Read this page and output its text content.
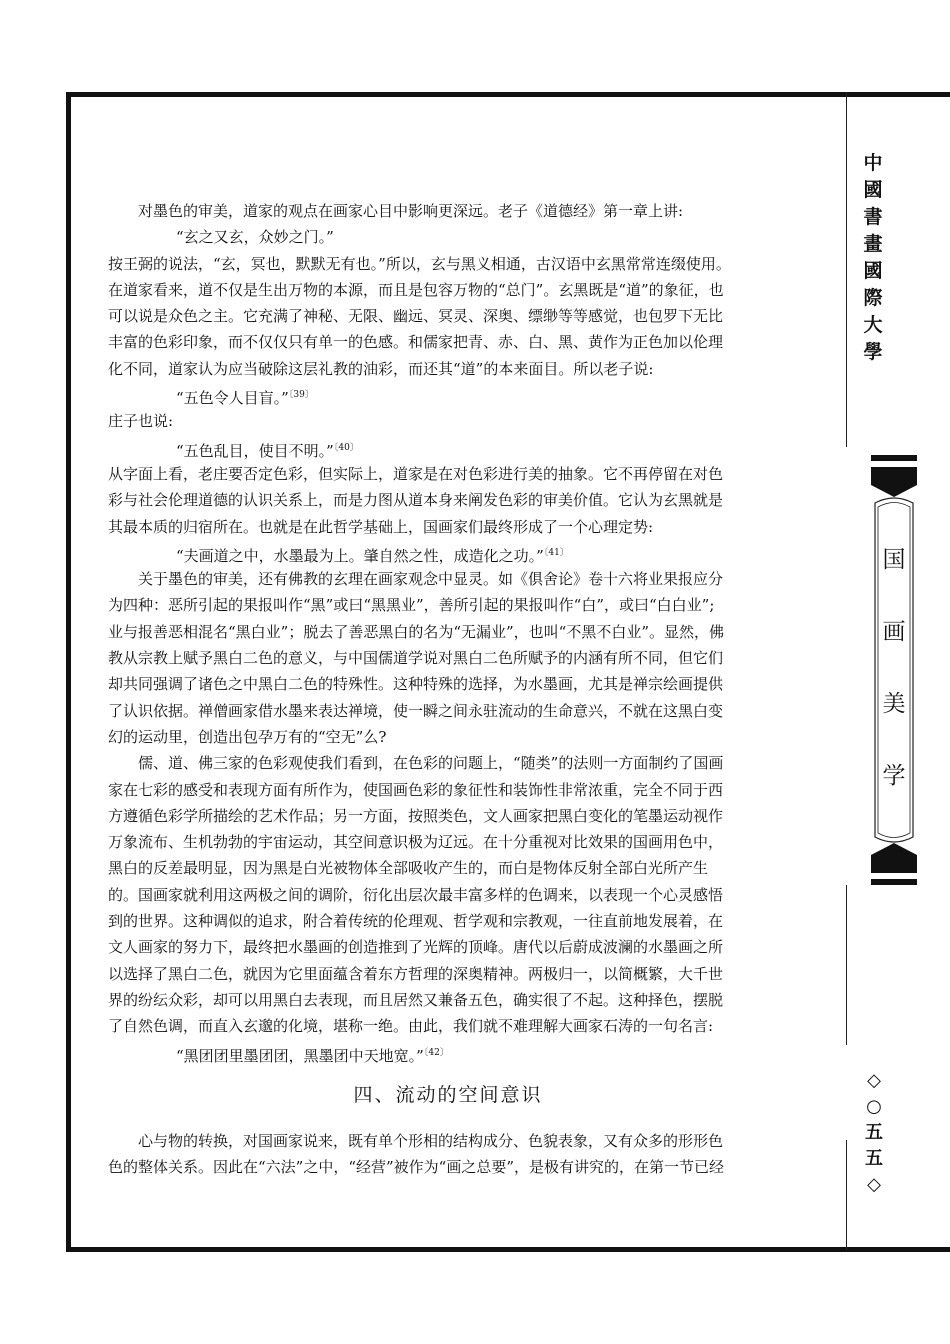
中
國
書
畫
國
際
大
學
国
画
美
学
◇
○
五
五
◇
对墨色的审美，道家的观点在画家心目中影响更深远。老子《道德经》第一章上讲:
“玄之又玄，众妙之门。”
按王弼的说法，“玄，冥也，默默无有也。”所以，玄与黑义相通，古汉语中玄黑常常连缀使用。
在道家看来，道不仅是生出万物的本源，而且是包容万物的“总门”。玄黑既是“道”的象征，也
可以说是众色之主。它充满了神秘、无限、幽远、冥灵、深奥、缥缈等等感觉，也包罗下无比
丰富的色彩印象，而不仅仅只有单一的色感。和儒家把青、赤、白、黑、黄作为正色加以伦理
化不同，道家认为应当破除这层礼教的油彩，而还其“道”的本来面目。所以老子说:
“五色令人目盲。”$^{〔39〕}$
庄子也说:
“五色乱目，使目不明。”$^{〔40〕}$
从字面上看，老庄要否定色彩，但实际上，道家是在对色彩进行美的抽象。它不再停留在对色
彩与社会伦理道德的认识关系上，而是力图从道本身来阐发色彩的审美价值。它认为玄黑就是
其最本质的归宿所在。也就是在此哲学基础上，国画家们最终形成了一个心理定势:
“夫画道之中，水墨最为上。肇自然之性，成造化之功。”$^{〔41〕}$
关于墨色的审美，还有佛教的玄理在画家观念中显灵。如《俱舍论》卷十六将业果报应分
为四种：恶所引起的果报叫作“黑”或曰“黑黑业”，善所引起的果报叫作“白”，或曰“白白业”;
业与报善恶相混名“黑白业”；脱去了善恶黑白的名为“无漏业”，也叫“不黑不白业”。显然，佛
教从宗教上赋予黑白二色的意义，与中国儒道学说对黑白二色所赋予的内涵有所不同，但它们
却共同强调了诸色之中黑白二色的特殊性。这种特殊的选择，为水墨画，尤其是禅宗绘画提供
了认识依据。禅僧画家借水墨来表达禅境，使一瞬之间永驻流动的生命意兴，不就在这黑白变
幻的运动里，创造出包孕万有的“空无”么?
儒、道、佛三家的色彩观使我们看到，在色彩的问题上，“随类”的法则一方面制约了国画
家在七彩的感受和表现方面有所作为，使国画色彩的象征性和装饰性非常浓重，完全不同于西
方遵循色彩学所描绘的艺术作品；另一方面，按照类色，文人画家把黑白变化的笔墨运动视作
万象流布、生机勃勃的宇宙运动，其空间意识极为辽远。在十分重视对比效果的国画用色中，
黑白的反差最明显，因为黑是白光被物体全部吸收产生的，而白是物体反射全部白光所产生
的。国画家就利用这两极之间的调阶，衍化出层次最丰富多样的色调来，以表现一个心灵感悟
到的世界。这种调似的追求，附合着传统的伦理观、哲学观和宗教观，一往直前地发展着，在
文人画家的努力下，最终把水墨画的创造推到了光辉的顶峰。唐代以后蔚成波澜的水墨画之所
以选择了黑白二色，就因为它里面蕴含着东方哲理的深奥精神。两极归一，以简概繁，大千世
界的纷纭众彩，却可以用黑白去表现，而且居然又兼备五色，确实很了不起。这种择色，摆脱
了自然色调，而直入玄邈的化境，堪称一绝。由此，我们就不难理解大画家石涛的一句名言:
“黑团团里墨团团，黑墨团中天地宽。”$^{〔42〕}$
四、流动的空间意识
心与物的转换，对国画家说来，既有单个形相的结构成分、色貌表象，又有众多的形形色
色的整体关系。因此在“六法”之中，“经营”被作为“画之总要”，是极有讲究的，在第一节已经
